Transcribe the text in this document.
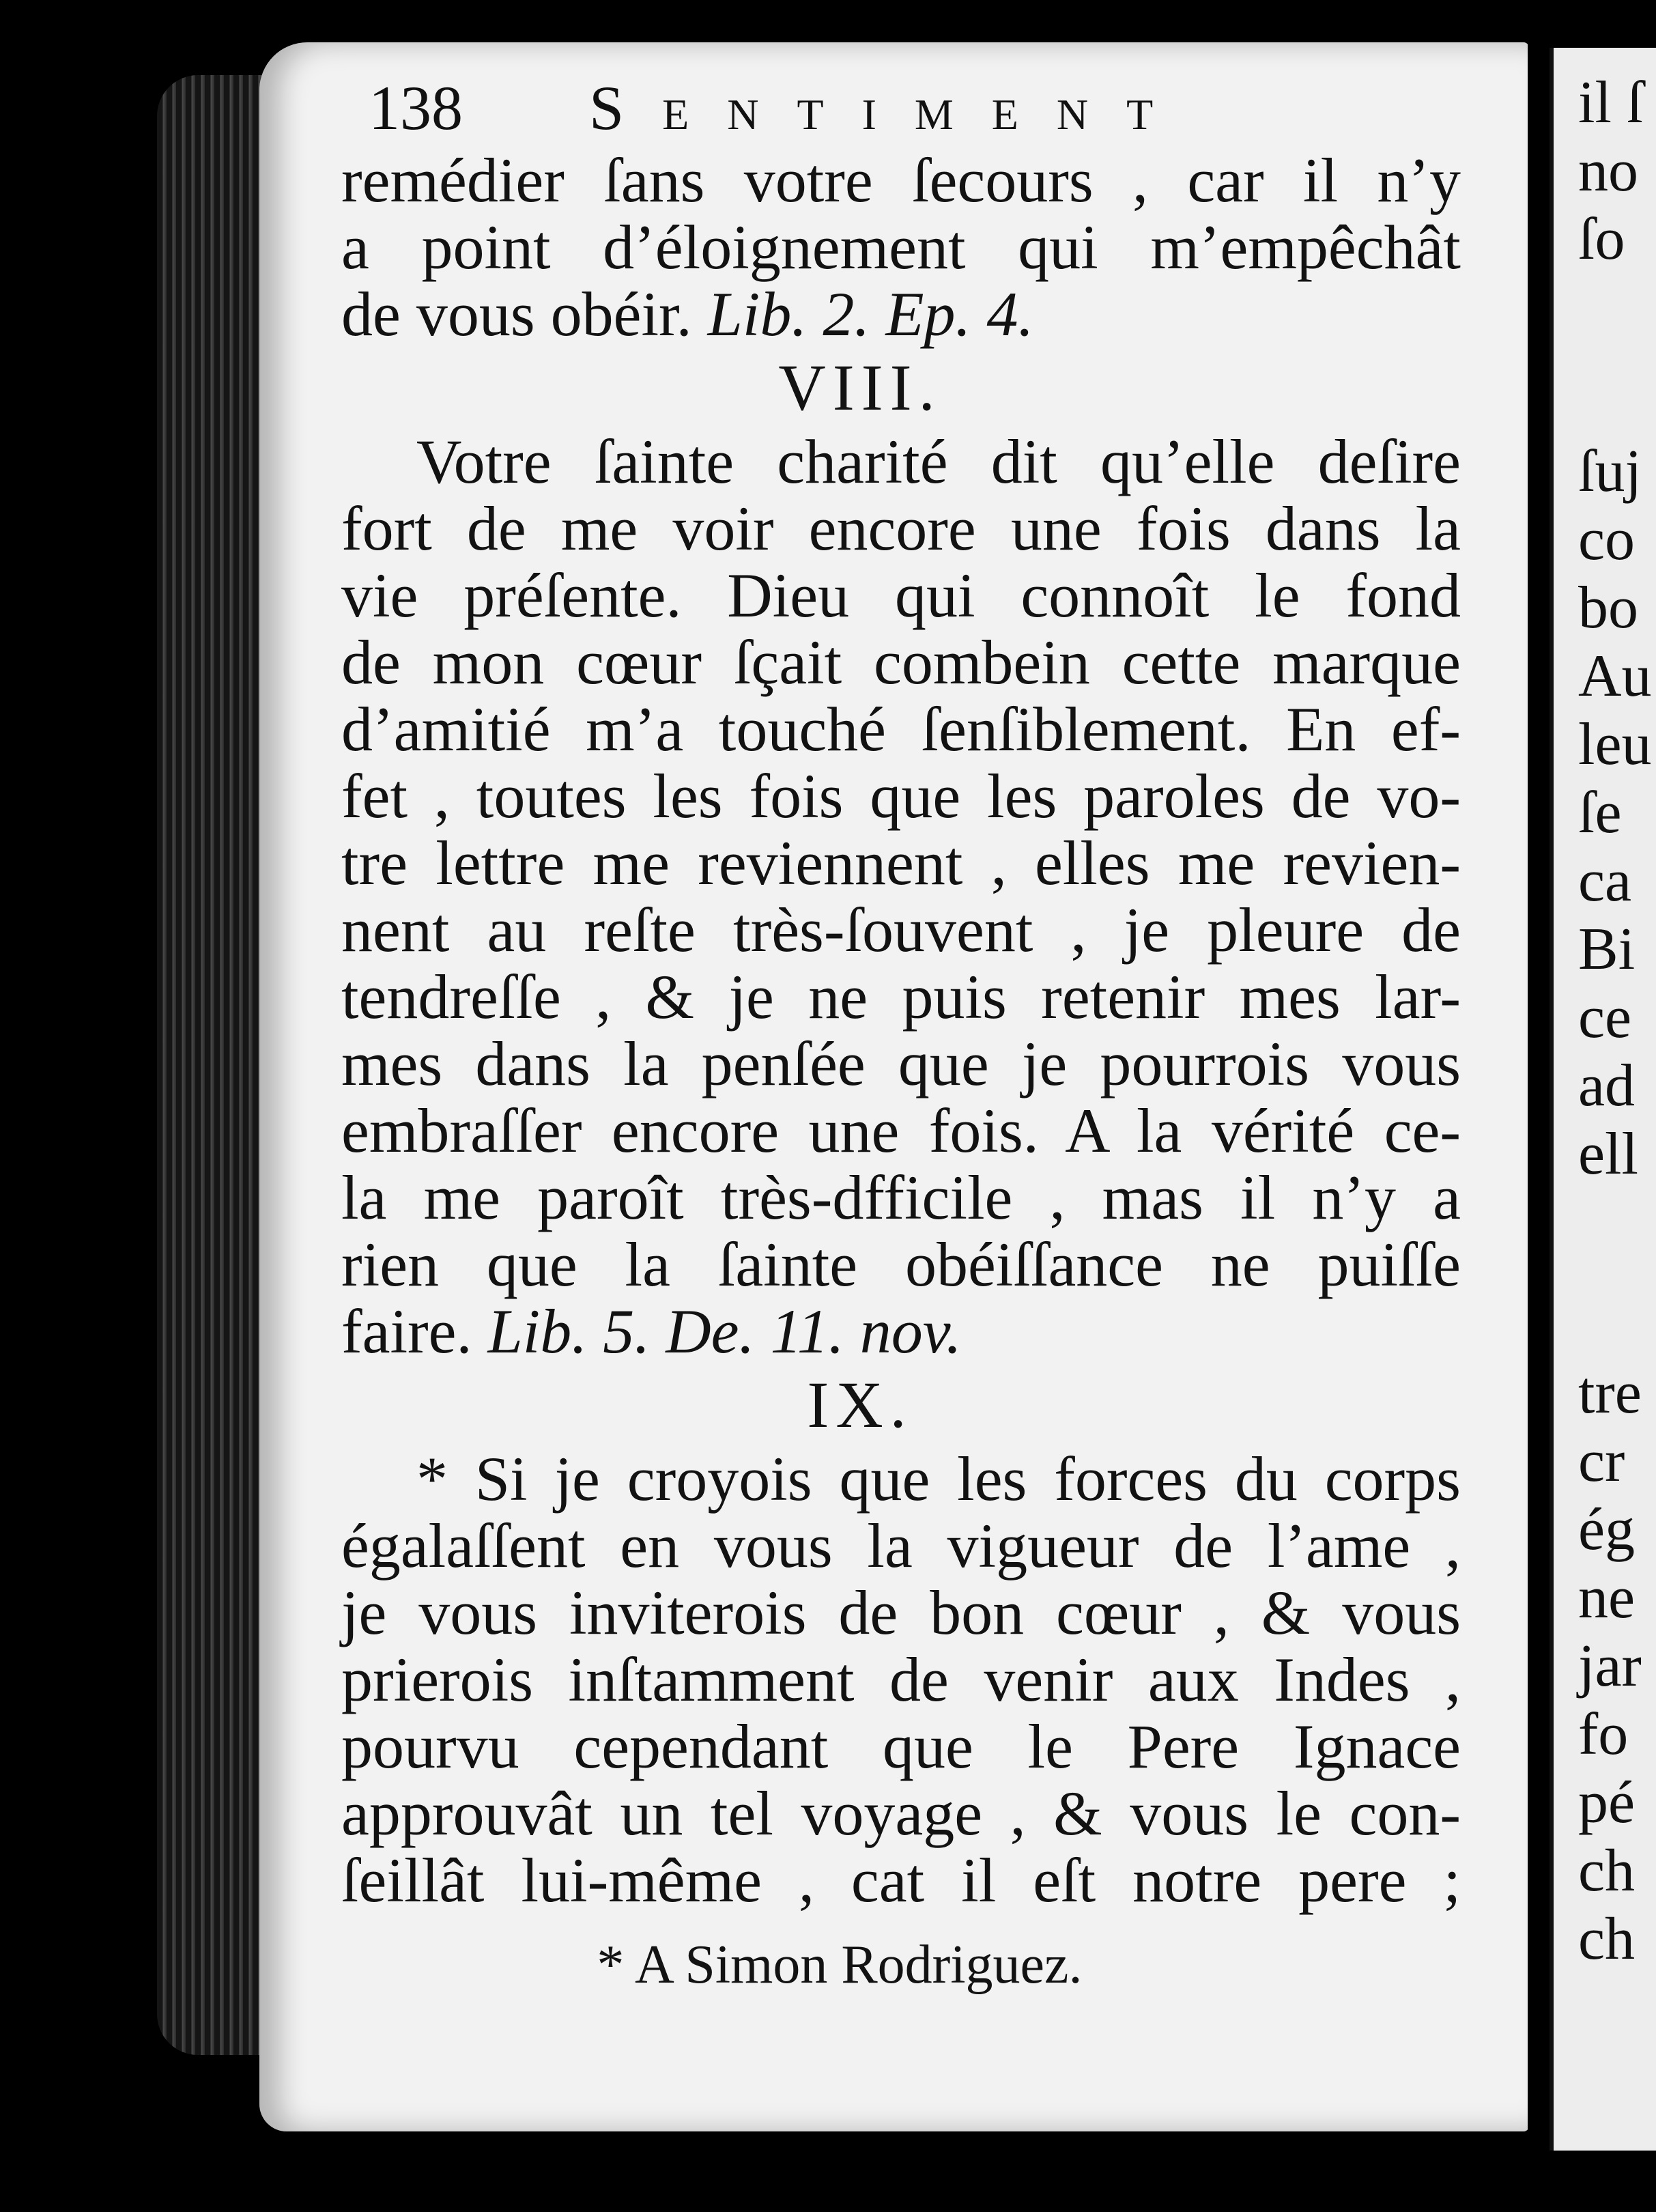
138 Sentiment
remédier ſans votre ſecours , car il n’y
a point d’éloignement qui m’empêchât
de vous obéir. Lib. 2. Ep. 4.
VIII.
Votre ſainte charité dit qu’elle deſire
fort de me voir encore une fois dans la
vie préſente. Dieu qui connoît le fond
de mon cœur ſçait combein cette marque
d’amitié m’a touché ſenſiblement. En ef-
fet , toutes les fois que les paroles de vo-
tre lettre me reviennent , elles me revien-
nent au reſte très-ſouvent , je pleure de
tendreſſe , & je ne puis retenir mes lar-
mes dans la penſée que je pourrois vous
embraſſer encore une fois. A la vérité ce-
la me paroît très-dfficile , mas il n’y a
rien que la ſainte obéiſſance ne puiſſe
faire. Lib. 5. De. 11. nov.
IX.
* Si je croyois que les forces du corps
égalaſſent en vous la vigueur de l’ame ,
je vous inviterois de bon cœur , & vous
prierois inſtamment de venir aux Indes ,
pourvu cependant que le Pere Ignace
approuvât un tel voyage , & vous le con-
ſeillât lui-même , cat il eſt notre pere ;
* A Simon Rodriguez.
il ſ
no
ſo
ſuj
co
bo
Au
leu
ſe
ca
Bi
ce
ad
ell
tre
cr
ég
ne
jar
fo
pé
ch
ch
